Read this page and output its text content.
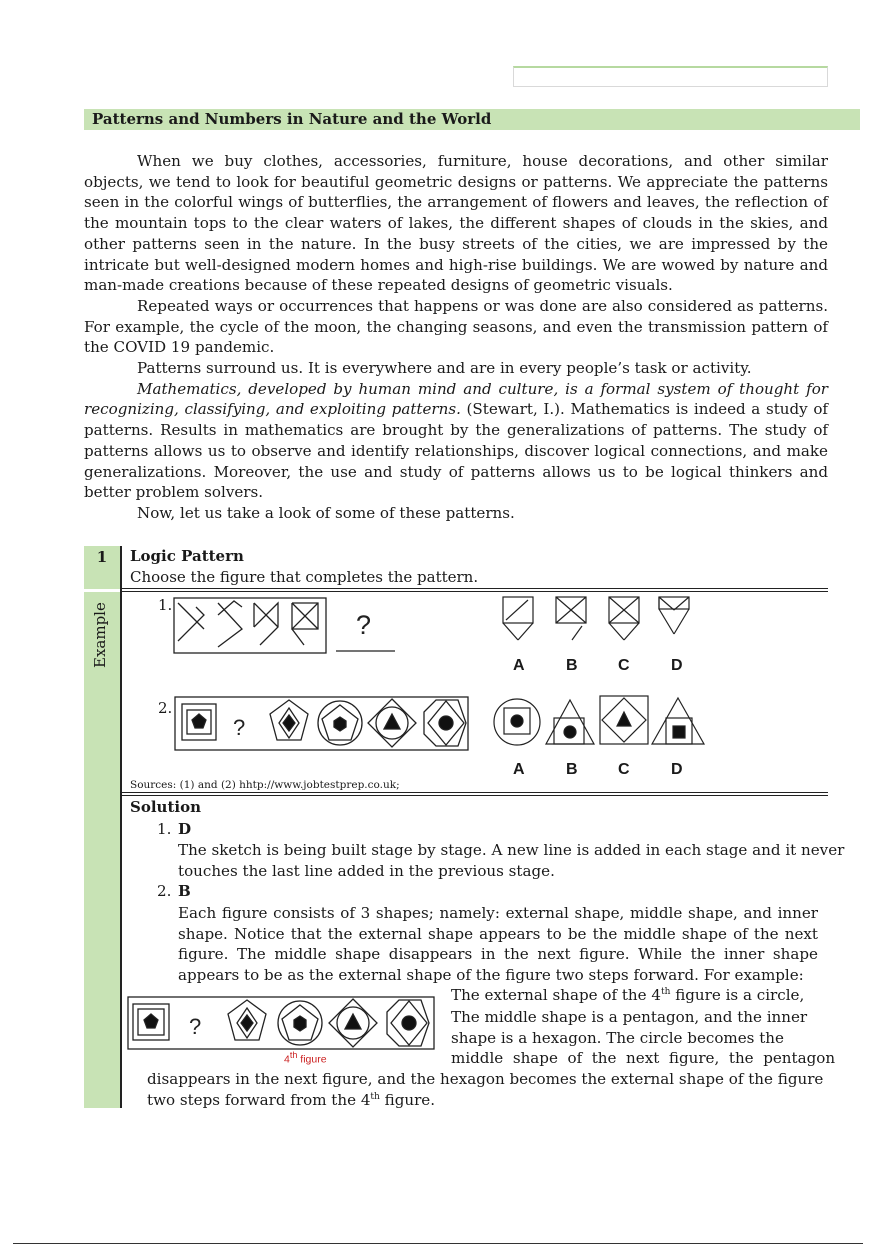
Patterns and Numbers in Nature and the World

When we buy clothes, accessories, furniture, house decorations, and other similar objects, we tend to look for beautiful geometric designs or patterns. We appreciate the patterns seen in the colorful wings of butterflies, the arrangement of flowers and leaves, the reflection of the mountain tops to the clear waters of lakes, the different shapes of clouds in the skies, and other patterns seen in the nature. In the busy streets of the cities, we are impressed by the intricate but well-designed modern homes and high-rise buildings. We are wowed by nature and man-made creations because of these repeated designs of geometric visuals.

Repeated ways or occurrences that happens or was done are also considered as patterns. For example, the cycle of the moon, the changing seasons, and even the transmission pattern of the COVID 19 pandemic.

Patterns surround us. It is everywhere and are in every people’s task or activity.

Mathematics, developed by human mind and culture, is a formal system of thought for recognizing, classifying, and exploiting patterns. (Stewart, I.). Mathematics is indeed a study of patterns. Results in mathematics are brought by the generalizations of patterns. The study of patterns allows us to observe and identify relationships, discover logical connections, and make generalizations. Moreover, the use and study of patterns allows us to be logical thinkers and better problem solvers.

Now, let us take a look of some of these patterns.

1	Logic Pattern
Choose the figure that completes the pattern.
1.
2.
?
A	B	C	D
?
A	B	C	D
Sources: (1) and (2) hhtp://www.jobtestprep.co.uk;
Solution
1. D
The sketch is being built stage by stage. A new line is added in each stage and it never
touches the last line added in the previous stage.
2. B
Each figure consists of 3 shapes; namely: external shape, middle shape, and inner shape. Notice that the external shape appears to be the middle shape of the next figure. The middle shape disappears in the next figure. While the inner shape appears to be as the external shape of the figure two steps forward. For example:
?
4th figure
The external shape of the 4th figure is a circle,
The middle shape is a pentagon, and the inner
shape is a hexagon. The circle becomes the
middle  shape  of  the  next  figure,  the  pentagon
disappears in the next figure, and the hexagon becomes the external shape of the figure
two steps forward from the 4th figure.
